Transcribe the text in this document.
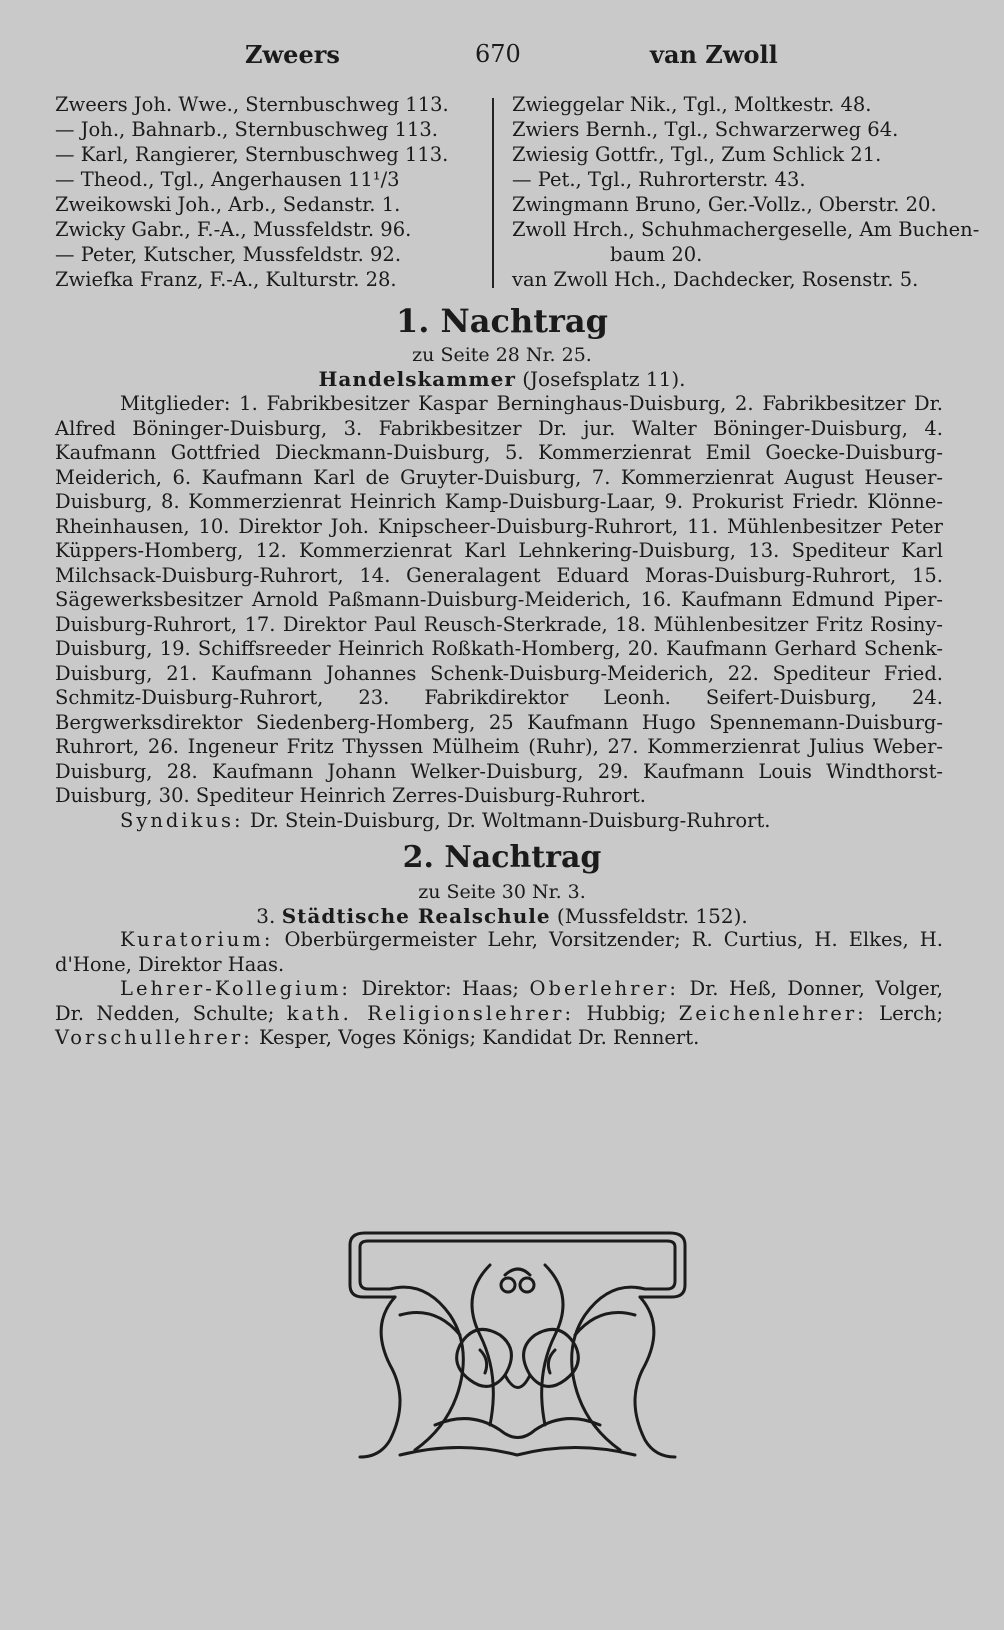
Zweers	670	van Zwoll
Zweers Joh. Wwe., Sternbuschweg 113.
— Joh., Bahnarb., Sternbuschweg 113.
— Karl, Rangierer, Sternbuschweg 113.
— Theod., Tgl., Angerhausen 11¹/3
Zweikowski Joh., Arb., Sedanstr. 1.
Zwicky Gabr., F.-A., Mussfeldstr. 96.
— Peter, Kutscher, Mussfeldstr. 92.
Zwiefka Franz, F.-A., Kulturstr. 28.
Zwieggelar Nik., Tgl., Moltkestr. 48.
Zwiers Bernh., Tgl., Schwarzerweg 64.
Zwiesig Gottfr., Tgl., Zum Schlick 21.
— Pet., Tgl., Ruhrorterstr. 43.
Zwingmann Bruno, Ger.-Vollz., Oberstr. 20.
Zwoll Hrch., Schuhmachergeselle, Am Buchen-
baum 20.
van Zwoll Hch., Dachdecker, Rosenstr. 5.
1. Nachtrag
zu Seite 28 Nr. 25.
Handelskammer (Josefsplatz 11).

Mitglieder: 1. Fabrikbesitzer Kaspar Berninghaus-Duisburg, 2. Fabrikbesitzer Dr. Alfred Böninger-Duisburg, 3. Fabrikbesitzer Dr. jur. Walter Böninger-Duisburg, 4. Kaufmann Gottfried Dieckmann-Duisburg, 5. Kommerzienrat Emil Goecke-Duisburg-Meiderich, 6. Kaufmann Karl de Gruyter-Duisburg, 7. Kommerzienrat August Heuser-Duisburg, 8. Kommerzienrat Heinrich Kamp-Duisburg-Laar, 9. Prokurist Friedr. Klönne-Rheinhausen, 10. Direktor Joh. Knipscheer-Duisburg-Ruhrort, 11. Mühlenbesitzer Peter Küppers-Homberg, 12. Kommerzienrat Karl Lehnkering-Duisburg, 13. Spediteur Karl Milchsack-Duisburg-Ruhrort, 14. Generalagent Eduard Moras-Duisburg-Ruhrort, 15. Sägewerksbesitzer Arnold Paßmann-Duisburg-Meiderich, 16. Kaufmann Edmund Piper-Duisburg-Ruhrort, 17. Direktor Paul Reusch-Sterkrade, 18. Mühlenbesitzer Fritz Rosiny-Duisburg, 19. Schiffsreeder Heinrich Roßkath-Homberg, 20. Kaufmann Gerhard Schenk-Duisburg, 21. Kaufmann Johannes Schenk-Duisburg-Meiderich, 22. Spediteur Fried. Schmitz-Duisburg-Ruhrort, 23. Fabrikdirektor Leonh. Seifert-Duisburg, 24. Bergwerksdirektor Siedenberg-Homberg, 25 Kaufmann Hugo Spennemann-Duisburg-Ruhrort, 26. Ingeneur Fritz Thyssen Mülheim (Ruhr), 27. Kommerzienrat Julius Weber-Duisburg, 28. Kaufmann Johann Welker-Duisburg, 29. Kaufmann Louis Windthorst-Duisburg, 30. Spediteur Heinrich Zerres-Duisburg-Ruhrort.

Syndikus: Dr. Stein-Duisburg, Dr. Woltmann-Duisburg-Ruhrort.

2. Nachtrag
zu Seite 30 Nr. 3.
3. Städtische Realschule (Mussfeldstr. 152).

Kuratorium: Oberbürgermeister Lehr, Vorsitzender; R. Curtius, H. Elkes, H. d'Hone, Direktor Haas.

Lehrer-Kollegium: Direktor: Haas; Oberlehrer: Dr. Heß, Donner, Volger, Dr. Nedden, Schulte; kath. Religionslehrer: Hubbig; Zeichenlehrer: Lerch; Vorschullehrer: Kesper, Voges Königs; Kandidat Dr. Rennert.
